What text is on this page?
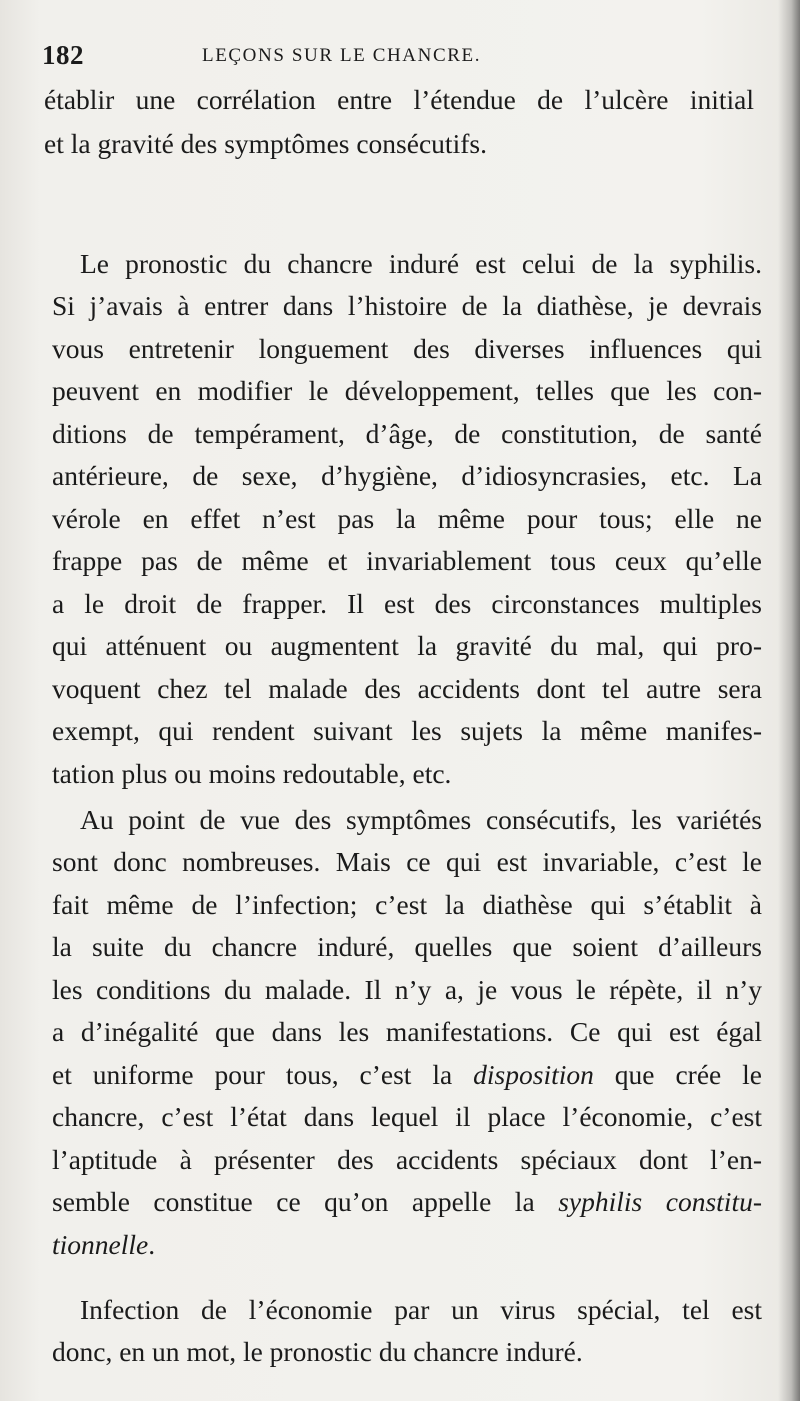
182	LEÇONS SUR LE CHANCRE.
établir une corrélation entre l’étendue de l’ulcère initial
et la gravité des symptômes consécutifs.
Le pronostic du chancre induré est celui de la syphilis.
Si j’avais à entrer dans l’histoire de la diathèse, je devrais
vous entretenir longuement des diverses influences qui
peuvent en modifier le développement, telles que les con-
ditions de tempérament, d’âge, de constitution, de santé
antérieure, de sexe, d’hygiène, d’idiosyncrasies, etc. La
vérole en effet n’est pas la même pour tous; elle ne
frappe pas de même et invariablement tous ceux qu’elle
a le droit de frapper. Il est des circonstances multiples
qui atténuent ou augmentent la gravité du mal, qui pro-
voquent chez tel malade des accidents dont tel autre sera
exempt, qui rendent suivant les sujets la même manifes-
tation plus ou moins redoutable, etc.
Au point de vue des symptômes consécutifs, les variétés
sont donc nombreuses. Mais ce qui est invariable, c’est le
fait même de l’infection; c’est la diathèse qui s’établit à
la suite du chancre induré, quelles que soient d’ailleurs
les conditions du malade. Il n’y a, je vous le répète, il n’y
a d’inégalité que dans les manifestations. Ce qui est égal
et uniforme pour tous, c’est la disposition que crée le
chancre, c’est l’état dans lequel il place l’économie, c’est
l’aptitude à présenter des accidents spéciaux dont l’en-
semble constitue ce qu’on appelle la syphilis constitu-
tionnelle.
Infection de l’économie par un virus spécial, tel est
donc, en un mot, le pronostic du chancre induré.
